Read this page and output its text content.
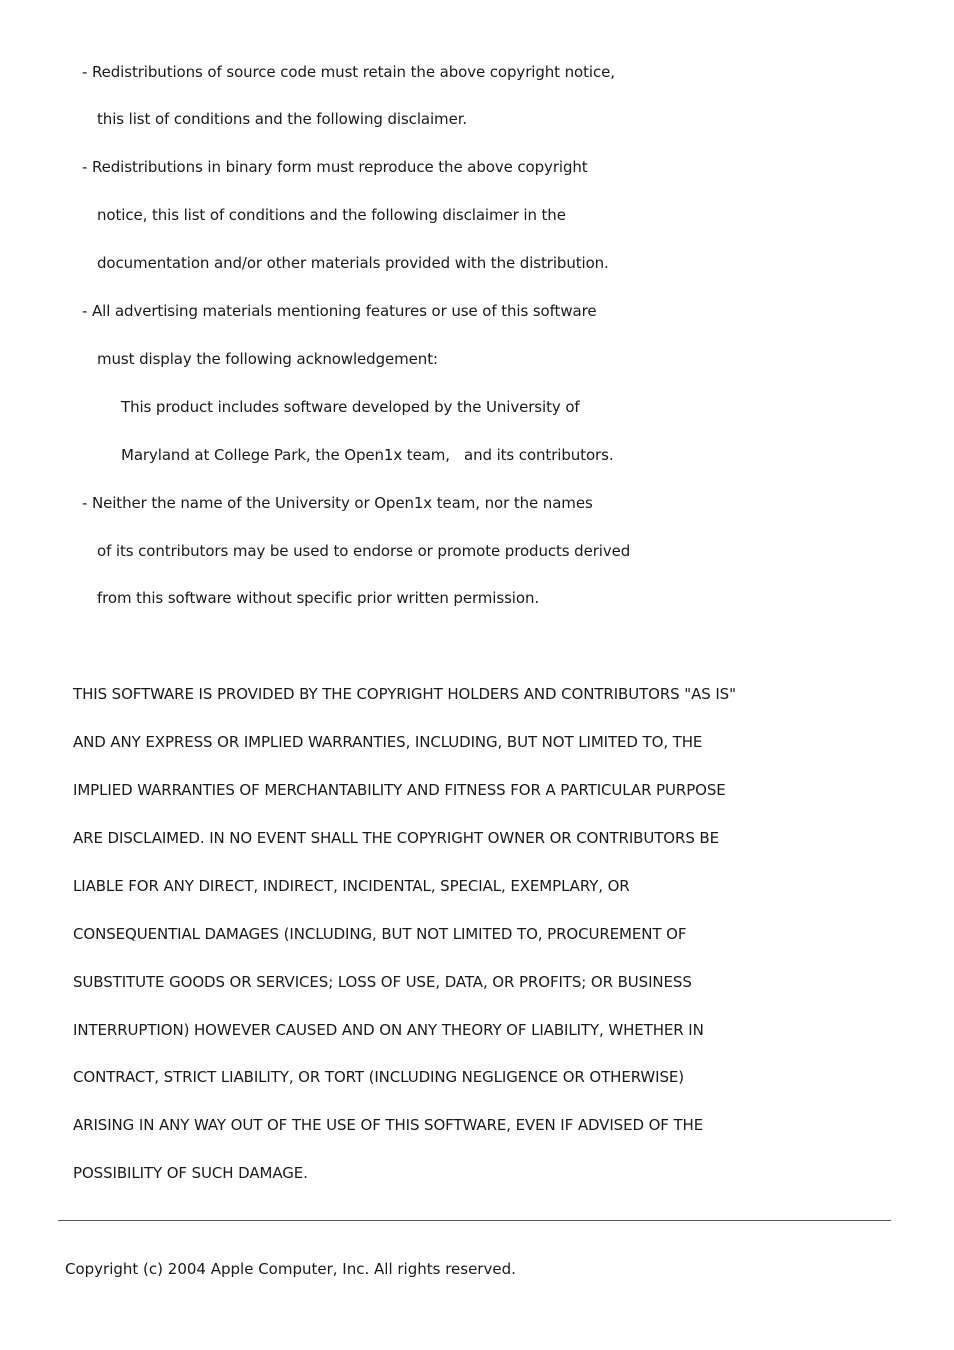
- Redistributions of source code must retain the above copyright notice,
this list of conditions and the following disclaimer.
- Redistributions in binary form must reproduce the above copyright
notice, this list of conditions and the following disclaimer in the
documentation and/or other materials provided with the distribution.
- All advertising materials mentioning features or use of this software
must display the following acknowledgement:
This product includes software developed by the University of
Maryland at College Park, the Open1x team,   and its contributors.
- Neither the name of the University or Open1x team, nor the names
of its contributors may be used to endorse or promote products derived
from this software without specific prior written permission.
THIS SOFTWARE IS PROVIDED BY THE COPYRIGHT HOLDERS AND CONTRIBUTORS "AS IS"
AND ANY EXPRESS OR IMPLIED WARRANTIES, INCLUDING, BUT NOT LIMITED TO, THE
IMPLIED WARRANTIES OF MERCHANTABILITY AND FITNESS FOR A PARTICULAR PURPOSE
ARE DISCLAIMED. IN NO EVENT SHALL THE COPYRIGHT OWNER OR CONTRIBUTORS BE
LIABLE FOR ANY DIRECT, INDIRECT, INCIDENTAL, SPECIAL, EXEMPLARY, OR
CONSEQUENTIAL DAMAGES (INCLUDING, BUT NOT LIMITED TO, PROCUREMENT OF
SUBSTITUTE GOODS OR SERVICES; LOSS OF USE, DATA, OR PROFITS; OR BUSINESS
INTERRUPTION) HOWEVER CAUSED AND ON ANY THEORY OF LIABILITY, WHETHER IN
CONTRACT, STRICT LIABILITY, OR TORT (INCLUDING NEGLIGENCE OR OTHERWISE)
ARISING IN ANY WAY OUT OF THE USE OF THIS SOFTWARE, EVEN IF ADVISED OF THE
POSSIBILITY OF SUCH DAMAGE.
Copyright (c) 2004 Apple Computer, Inc. All rights reserved.
